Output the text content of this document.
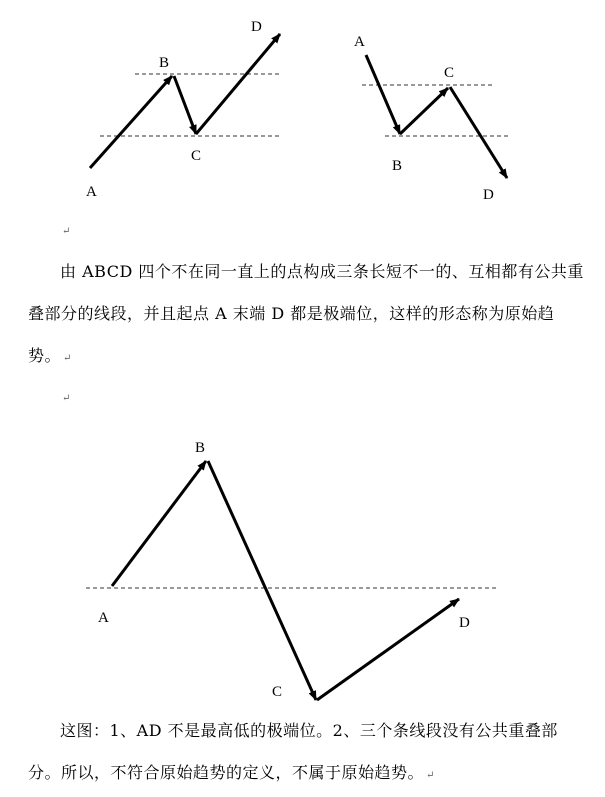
A
B
C
D
A
B
C
D
↵

由 ABCD 四个不在同一直上的点构成三条长短不一的、互相都有公共重叠部分的线段，并且起点 A 末端 D 都是极端位，这样的形态称为原始趋势。 ↵

↵
A
B
C
D

这图：1、AD 不是最高低的极端位。2、三个条线段没有公共重叠部分。所以，不符合原始趋势的定义，不属于原始趋势。 ↵
